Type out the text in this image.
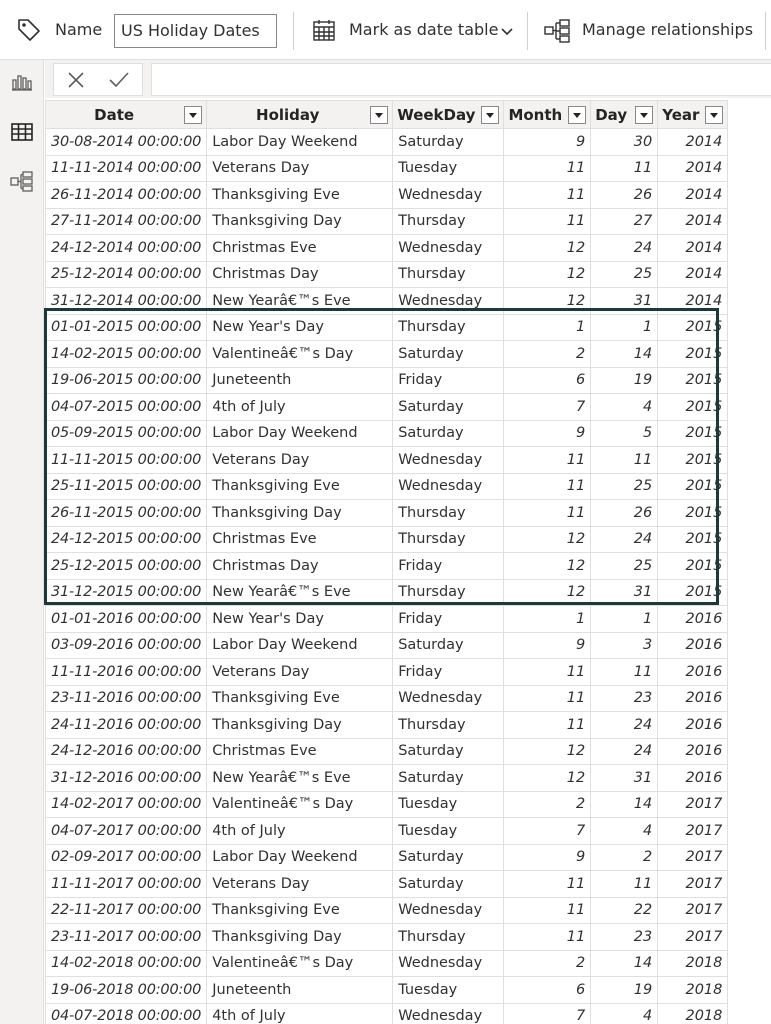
Name	US Holiday Dates	Mark as date table	Manage relationships
Date	Holiday	WeekDay	Month	Day	Year

30-08-2014 00:00:00	Labor Day Weekend	Saturday	9	30	2014
11-11-2014 00:00:00	Veterans Day	Tuesday	11	11	2014
26-11-2014 00:00:00	Thanksgiving Eve	Wednesday	11	26	2014
27-11-2014 00:00:00	Thanksgiving Day	Thursday	11	27	2014
24-12-2014 00:00:00	Christmas Eve	Wednesday	12	24	2014
25-12-2014 00:00:00	Christmas Day	Thursday	12	25	2014
31-12-2014 00:00:00	New Yearâ€™s Eve	Wednesday	12	31	2014
01-01-2015 00:00:00	New Year's Day	Thursday	1	1	2015
14-02-2015 00:00:00	Valentineâ€™s Day	Saturday	2	14	2015
19-06-2015 00:00:00	Juneteenth	Friday	6	19	2015
04-07-2015 00:00:00	4th of July	Saturday	7	4	2015
05-09-2015 00:00:00	Labor Day Weekend	Saturday	9	5	2015
11-11-2015 00:00:00	Veterans Day	Wednesday	11	11	2015
25-11-2015 00:00:00	Thanksgiving Eve	Wednesday	11	25	2015
26-11-2015 00:00:00	Thanksgiving Day	Thursday	11	26	2015
24-12-2015 00:00:00	Christmas Eve	Thursday	12	24	2015
25-12-2015 00:00:00	Christmas Day	Friday	12	25	2015
31-12-2015 00:00:00	New Yearâ€™s Eve	Thursday	12	31	2015
01-01-2016 00:00:00	New Year's Day	Friday	1	1	2016
03-09-2016 00:00:00	Labor Day Weekend	Saturday	9	3	2016
11-11-2016 00:00:00	Veterans Day	Friday	11	11	2016
23-11-2016 00:00:00	Thanksgiving Eve	Wednesday	11	23	2016
24-11-2016 00:00:00	Thanksgiving Day	Thursday	11	24	2016
24-12-2016 00:00:00	Christmas Eve	Saturday	12	24	2016
31-12-2016 00:00:00	New Yearâ€™s Eve	Saturday	12	31	2016
14-02-2017 00:00:00	Valentineâ€™s Day	Tuesday	2	14	2017
04-07-2017 00:00:00	4th of July	Tuesday	7	4	2017
02-09-2017 00:00:00	Labor Day Weekend	Saturday	9	2	2017
11-11-2017 00:00:00	Veterans Day	Saturday	11	11	2017
22-11-2017 00:00:00	Thanksgiving Eve	Wednesday	11	22	2017
23-11-2017 00:00:00	Thanksgiving Day	Thursday	11	23	2017
14-02-2018 00:00:00	Valentineâ€™s Day	Wednesday	2	14	2018
19-06-2018 00:00:00	Juneteenth	Tuesday	6	19	2018
04-07-2018 00:00:00	4th of July	Wednesday	7	4	2018
